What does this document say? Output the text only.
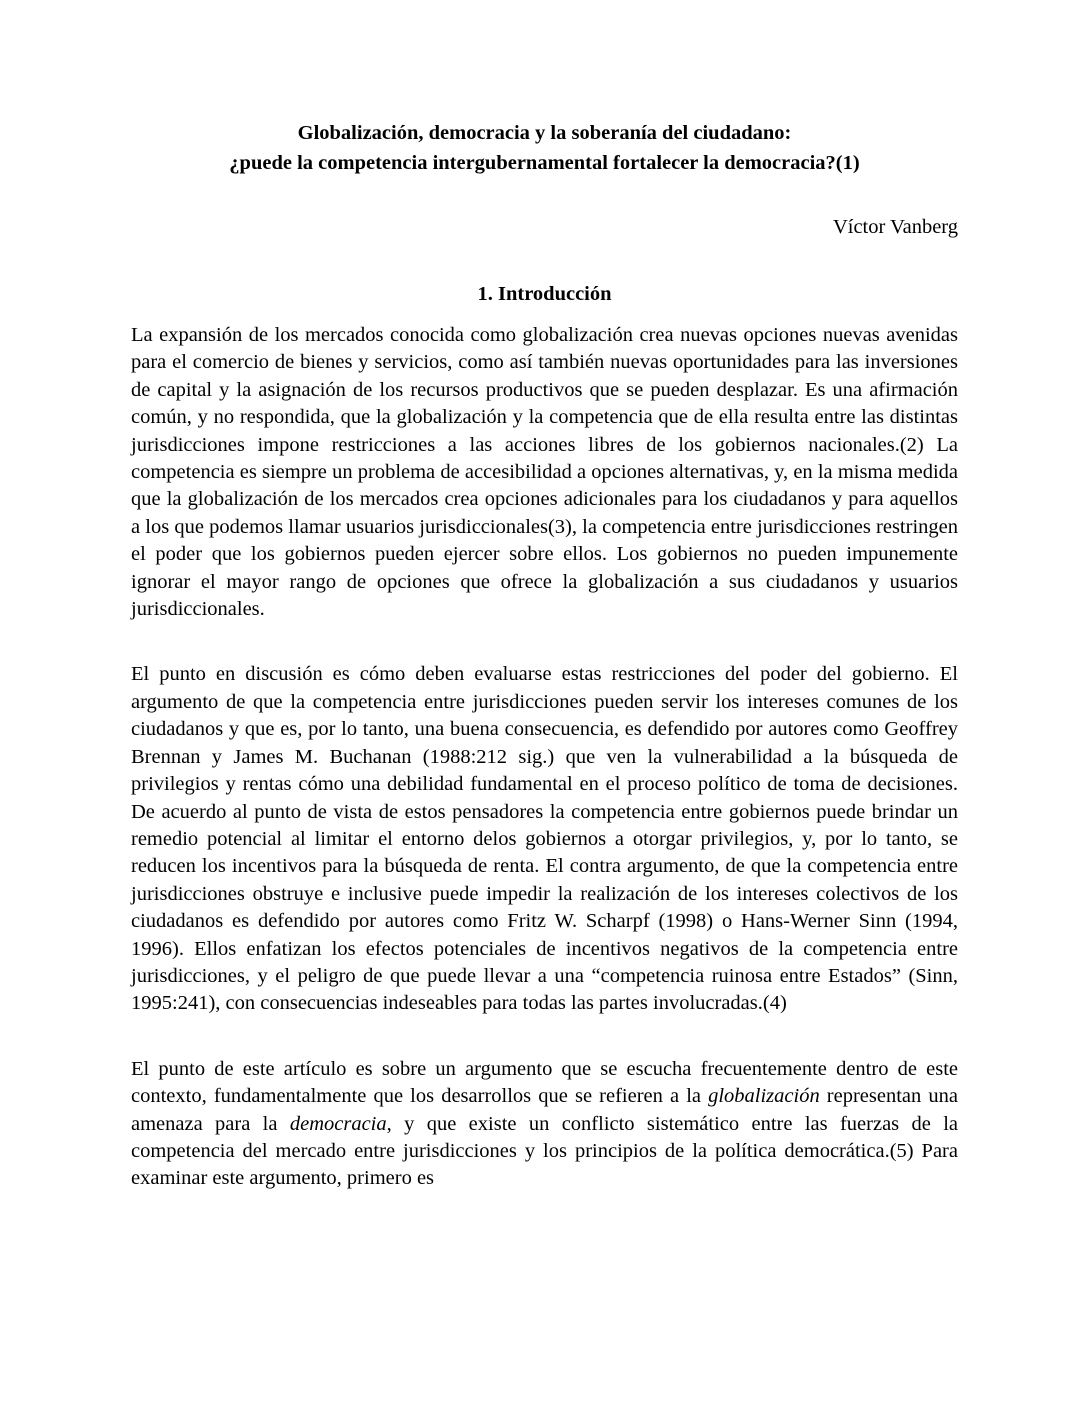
Globalización, democracia y la soberanía del ciudadano:
¿puede la competencia intergubernamental fortalecer la democracia?(1)
Víctor Vanberg
1. Introducción

La expansión de los mercados conocida como globalización crea nuevas opciones nuevas avenidas para el comercio de bienes y servicios, como así también nuevas oportunidades para las inversiones de capital y la asignación de los recursos productivos que se pueden desplazar. Es una afirmación común, y no respondida, que la globalización y la competencia que de ella resulta entre las distintas jurisdicciones impone restricciones a las acciones libres de los gobiernos nacionales.(2) La competencia es siempre un problema de accesibilidad a opciones alternativas, y, en la misma medida que la globalización de los mercados crea opciones adicionales para los ciudadanos y para aquellos a los que podemos llamar usuarios jurisdiccionales(3), la competencia entre jurisdicciones restringen el poder que los gobiernos pueden ejercer sobre ellos. Los gobiernos no pueden impunemente ignorar el mayor rango de opciones que ofrece la globalización a sus ciudadanos y usuarios jurisdiccionales.

El punto en discusión es cómo deben evaluarse estas restricciones del poder del gobierno. El argumento de que la competencia entre jurisdicciones pueden servir los intereses comunes de los ciudadanos y que es, por lo tanto, una buena consecuencia, es defendido por autores como Geoffrey Brennan y James M. Buchanan (1988:212 sig.) que ven la vulnerabilidad a la búsqueda de privilegios y rentas cómo una debilidad fundamental en el proceso político de toma de decisiones. De acuerdo al punto de vista de estos pensadores la competencia entre gobiernos puede brindar un remedio potencial al limitar el entorno delos gobiernos a otorgar privilegios, y, por lo tanto, se reducen los incentivos para la búsqueda de renta. El contra argumento, de que la competencia entre jurisdicciones obstruye e inclusive puede impedir la realización de los intereses colectivos de los ciudadanos es defendido por autores como Fritz W. Scharpf (1998) o Hans-Werner Sinn (1994, 1996). Ellos enfatizan los efectos potenciales de incentivos negativos de la competencia entre jurisdicciones, y el peligro de que puede llevar a una “competencia ruinosa entre Estados” (Sinn, 1995:241), con consecuencias indeseables para todas las partes involucradas.(4)

El punto de este artículo es sobre un argumento que se escucha frecuentemente dentro de este contexto, fundamentalmente que los desarrollos que se refieren a la globalización representan una amenaza para la democracia, y que existe un conflicto sistemático entre las fuerzas de la competencia del mercado entre jurisdicciones y los principios de la política democrática.(5) Para examinar este argumento, primero es
